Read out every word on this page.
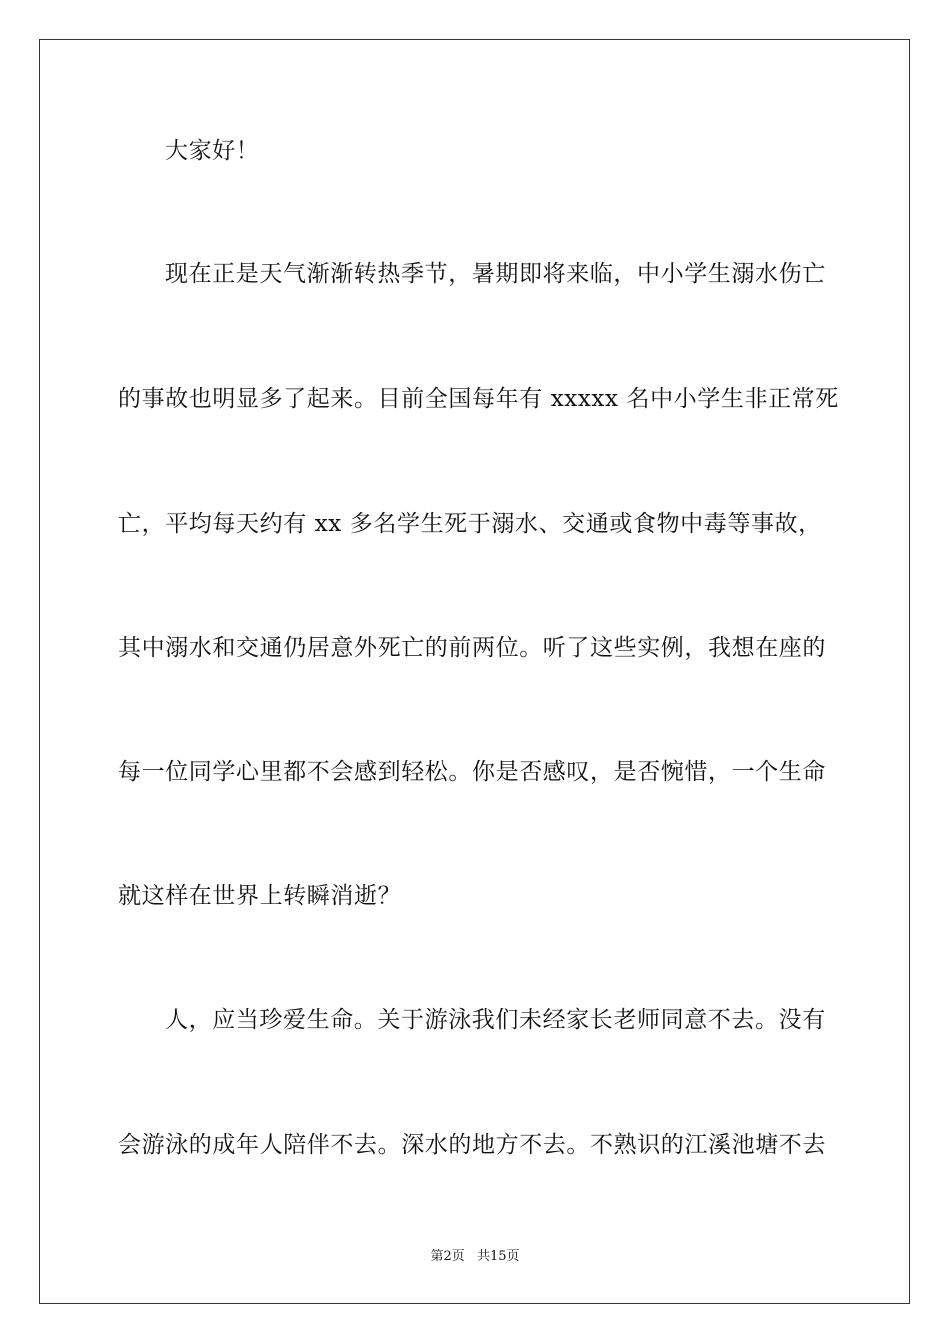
大家好！
现在正是天气渐渐转热季节，暑期即将来临，中小学生溺水伤亡
的事故也明显多了起来。目前全国每年有 xxxxx 名中小学生非正常死
亡，平均每天约有 xx 多名学生死于溺水、交通或食物中毒等事故，
其中溺水和交通仍居意外死亡的前两位。听了这些实例，我想在座的
每一位同学心里都不会感到轻松。你是否感叹，是否惋惜，一个生命
就这样在世界上转瞬消逝？
人，应当珍爱生命。关于游泳我们未经家长老师同意不去。没有
会游泳的成年人陪伴不去。深水的地方不去。不熟识的江溪池塘不去
第2页 共15页
